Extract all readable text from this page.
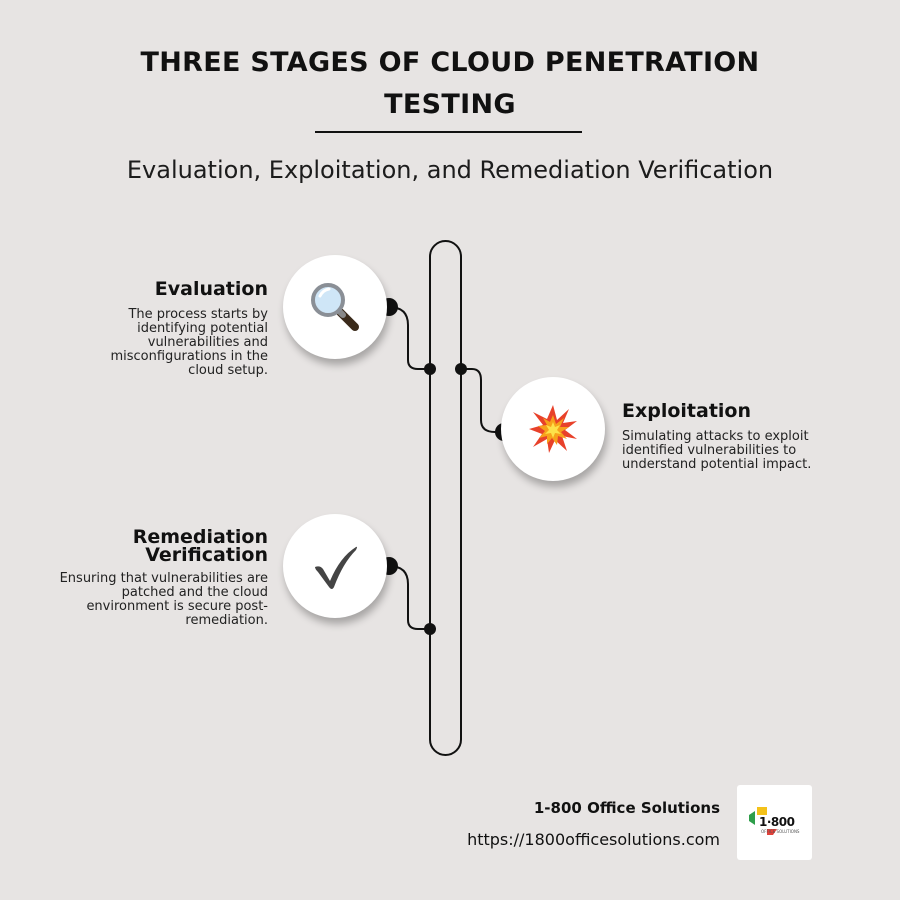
THREE STAGES OF CLOUD PENETRATION TESTING
Evaluation, Exploitation, and Remediation Verification
Evaluation
The process starts by identifying potential vulnerabilities and misconfigurations in the cloud setup.
Exploitation
Simulating attacks to exploit identified vulnerabilities to understand potential impact.
Remediation Verification
Ensuring that vulnerabilities are patched and the cloud environment is secure post-remediation.
1-800 Office Solutions
https://1800officesolutions.com
1·800
OFFICE SOLUTIONS
